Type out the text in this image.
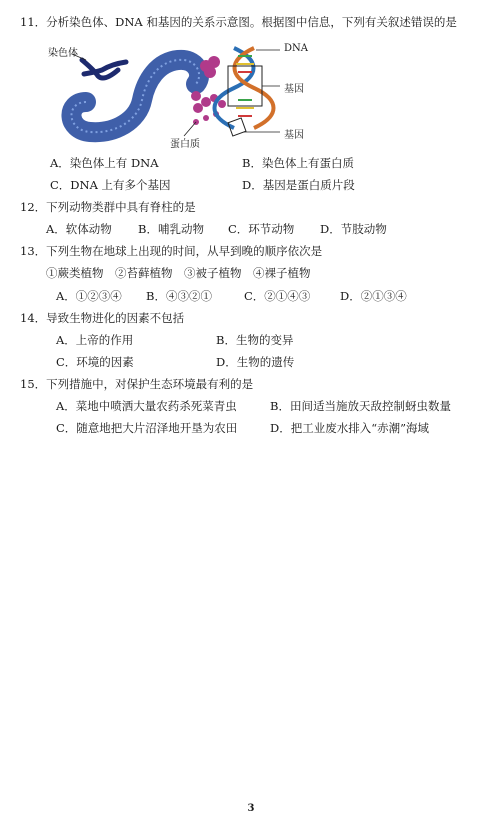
11．分析染色体、DNA 和基因的关系示意图。根据图中信息，下列有关叙述错误的是
染色体	DNA
基因
蛋白质
基因
A．染色体上有 DNA	B．染色体上有蛋白质
C．DNA 上有多个基因	D．基因是蛋白质片段
12．下列动物类群中具有脊柱的是
A．软体动物 B．哺乳动物 C．环节动物 D．节肢动物
13．下列生物在地球上出现的时间，从早到晚的顺序依次是
①蕨类植物　②苔藓植物　③被子植物　④裸子植物
A．①②③④ B．④③②①	C．②①④③	D．②①③④
14．导致生物进化的因素不包括
A．上帝的作用	B．生物的变异
C．环境的因素	D．生物的遗传
15．下列措施中，对保护生态环境最有利的是
A．菜地中喷洒大量农药杀死菜青虫	B．田间适当施放天敌控制蚜虫数量
C．随意地把大片沼泽地开垦为农田	D．把工业废水排入“赤潮”海域
3
